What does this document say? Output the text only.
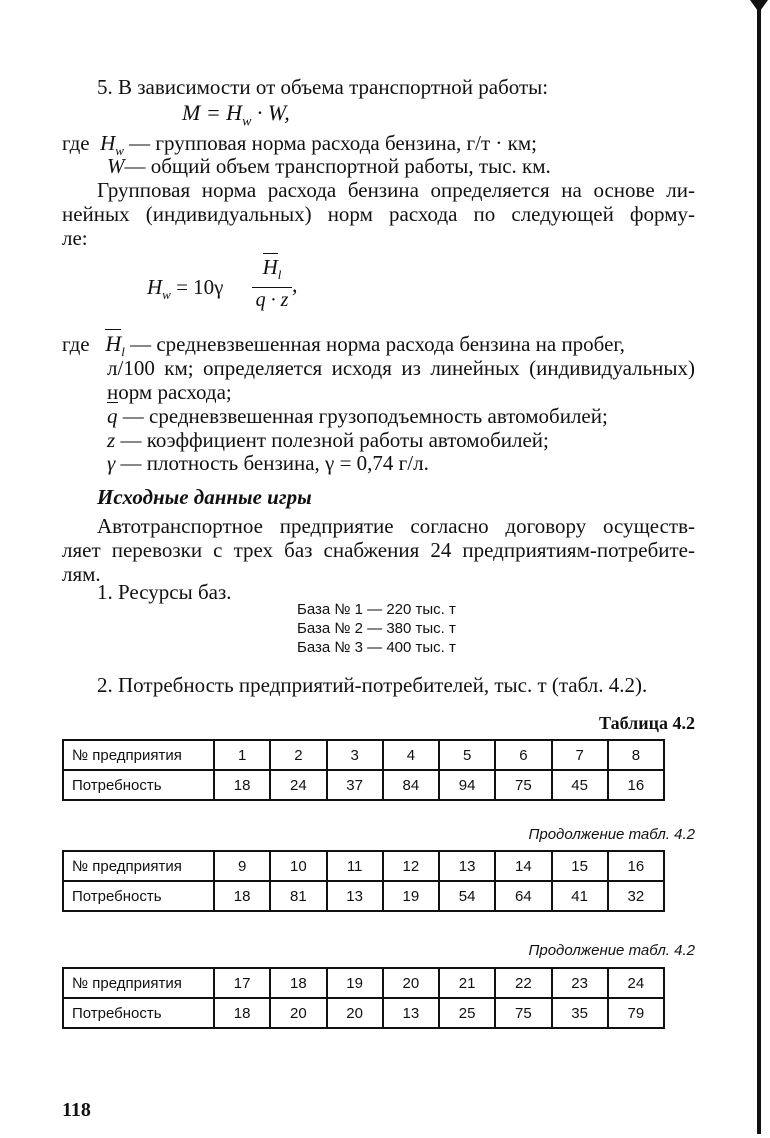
5. В зависимости от объема транспортной работы:
$M = H_w \cdot W$,
где $H_w$ — групповая норма расхода бензина, г/т · км;
W— общий объем транспортной работы, тыс. км.
Групповая норма расхода бензина определяется на основе ли-
нейных (индивидуальных) норм расхода по следующей форму-
ле:
$H_w = 10\gamma$
$H_l$
q · z
,
где $H_l$ — средневзвешенная норма расхода бензина на пробег,
л/100 км; определяется исходя из линейных (индивидуальных)
норм расхода;
q — средневзвешенная грузоподъемность автомобилей;
z — коэффициент полезной работы автомобилей;
γ — плотность бензина, γ = 0,74 г/л.
Исходные данные игры
Автотранспортное предприятие согласно договору осуществ-
ляет перевозки с трех баз снабжения 24 предприятиям-потребите-
лям.
1. Ресурсы баз.
База № 1 — 220 тыс. т
База № 2 — 380 тыс. т
База № 3 — 400 тыс. т
2. Потребность предприятий-потребителей, тыс. т (табл. 4.2).
Таблица 4.2
№ предприятия	1	2	3	4	5	6	7	8
Потребность	18	24	37	84	94	75	45	16
Продолжение табл. 4.2
№ предприятия	9	10	11	12	13	14	15	16
Потребность	18	81	13	19	54	64	41	32
Продолжение табл. 4.2
№ предприятия	17	18	19	20	21	22	23	24
Потребность	18	20	20	13	25	75	35	79
118
